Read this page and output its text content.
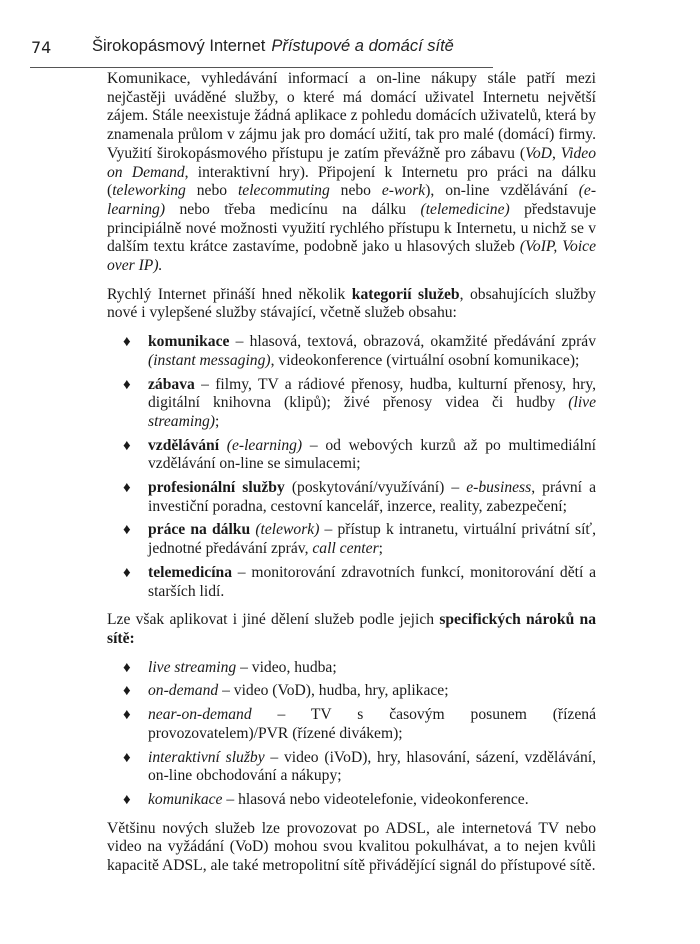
74 Širokopásmový Internet Přístupové a domácí sítě

Komunikace, vyhledávání informací a on-line nákupy stále patří mezi nejčastěji uváděné služby, o které má domácí uživatel Internetu největší zájem. Stále neexistuje žádná aplikace z pohledu domácích uživatelů, která by znamenala průlom v zájmu jak pro domácí užití, tak pro malé (domácí) firmy. Využití širokopásmového přístupu je zatím převážně pro zábavu (VoD, Video on Demand, interaktivní hry). Připojení k Internetu pro práci na dálku (teleworking nebo telecommuting nebo e-work), on-line vzdělávání (e-learning) nebo třeba medicínu na dálku (telemedicine) představuje principiálně nové možnosti využití rychlého přístupu k Internetu, u nichž se v dalším textu krátce zastavíme, podobně jako u hlasových služeb (VoIP, Voice over IP).

Rychlý Internet přináší hned několik kategorií služeb, obsahujících služby nové i vylepšené služby stávající, včetně služeb obsahu:

♦ komunikace – hlasová, textová, obrazová, okamžité předávání zpráv (instant messaging), videokonference (virtuální osobní komunikace);
♦ zábava – filmy, TV a rádiové přenosy, hudba, kulturní přenosy, hry, digitální knihovna (klipů); živé přenosy videa či hudby (live streaming);
♦ vzdělávání (e-learning) – od webových kurzů až po multimediální vzdělávání on-line se simulacemi;
♦ profesionální služby (poskytování/využívání) – e-business, právní a investiční poradna, cestovní kancelář, inzerce, reality, zabezpečení;
♦ práce na dálku (telework) – přístup k intranetu, virtuální privátní síť, jednotné předávání zpráv, call center;
♦ telemedicína – monitorování zdravotních funkcí, monitorování dětí a starších lidí.

Lze však aplikovat i jiné dělení služeb podle jejich specifických nároků na sítě:

♦ live streaming – video, hudba;
♦ on-demand – video (VoD), hudba, hry, aplikace;
♦ near-on-demand – TV s časovým posunem (řízená provozovatelem)/PVR (řízené divákem);
♦ interaktivní služby – video (iVoD), hry, hlasování, sázení, vzdělávání, on-line obchodování a nákupy;
♦ komunikace – hlasová nebo videotelefonie, videokonference.

Většinu nových služeb lze provozovat po ADSL, ale internetová TV nebo video na vyžádání (VoD) mohou svou kvalitou pokulhávat, a to nejen kvůli kapacitě ADSL, ale také metropolitní sítě přivádějící signál do přístupové sítě.
